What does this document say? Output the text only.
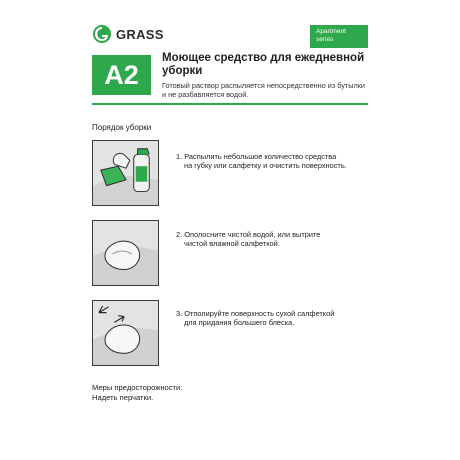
GRASS	Apartment
series
A2
Моющее средство для ежедневной
уборки
Готовый раствор распыляется непосредственно из бутылки
и не разбавляется водой.
Порядок уборки
1. Распылить небольшое количество средства
на губку или салфетку и очистить поверхность.
2. Ополосните чистой водой, или вытрите
чистой влажной салфеткой.
3. Отполируйте поверхность сухой салфеткой
для придания большего блеска.
Меры предосторожности:
Надеть перчатки.
